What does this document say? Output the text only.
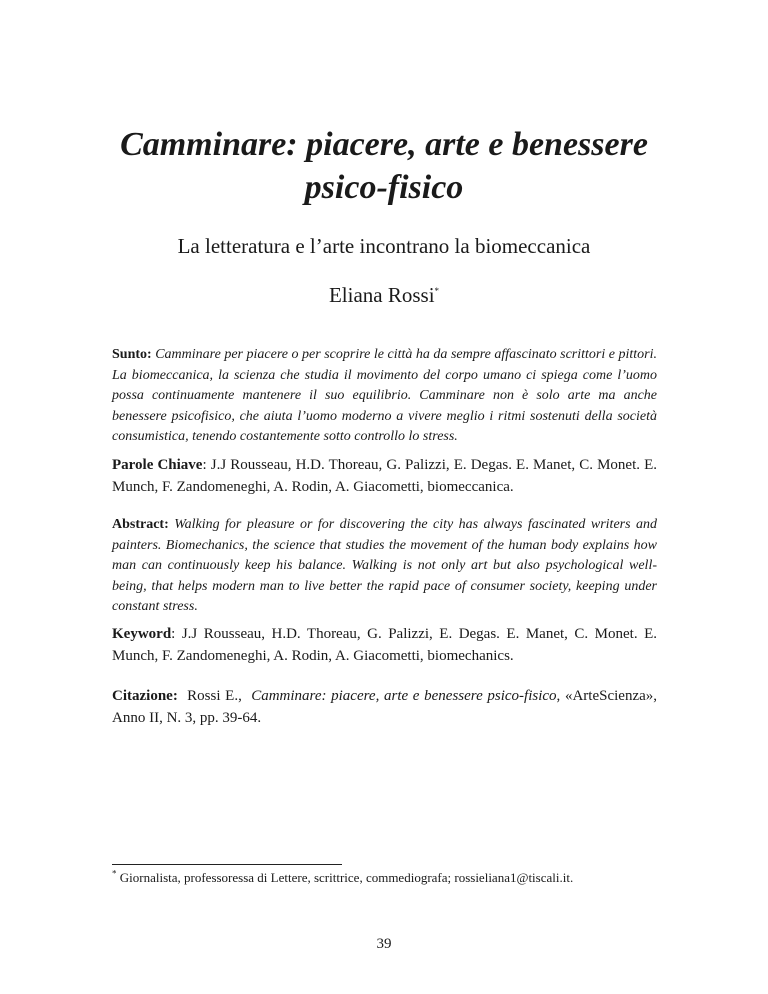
Camminare: piacere, arte e benessere
psico-fisico

La letteratura e l’arte incontrano la biomeccanica

Eliana Rossi*

Sunto: Camminare per piacere o per scoprire le città ha da sempre affascinato scrittori e pittori. La biomeccanica, la scienza che studia il movimento del corpo umano ci spiega come l’uomo possa continuamente mantenere il suo equilibrio. Camminare non è solo arte ma anche benessere psicofisico, che aiuta l’uomo moderno a vivere meglio i ritmi sostenuti della società consumistica, tenendo costantemente sotto controllo lo stress.

Parole Chiave: J.J Rousseau, H.D. Thoreau, G. Palizzi, E. Degas. E. Manet, C. Monet. E. Munch, F. Zandomeneghi, A. Rodin, A. Giacometti, biomeccanica.

Abstract: Walking for pleasure or for discovering the city has always fascinated writers and painters. Biomechanics, the science that studies the movement of the human body explains how man can continuously keep his balance. Walking is not only art but also psychological well-being, that helps modern man to live better the rapid pace of consumer society, keeping under constant stress.

Keyword: J.J Rousseau, H.D. Thoreau, G. Palizzi, E. Degas. E. Manet, C. Monet. E. Munch, F. Zandomeneghi, A. Rodin, A. Giacometti, biomechanics.

Citazione: Rossi E., Camminare: piacere, arte e benessere psico-fisico, «ArteScienza», Anno II, N. 3, pp. 39-64.

* Giornalista, professoressa di Lettere, scrittrice, commediografa; rossieliana1@tiscali.it.

39
